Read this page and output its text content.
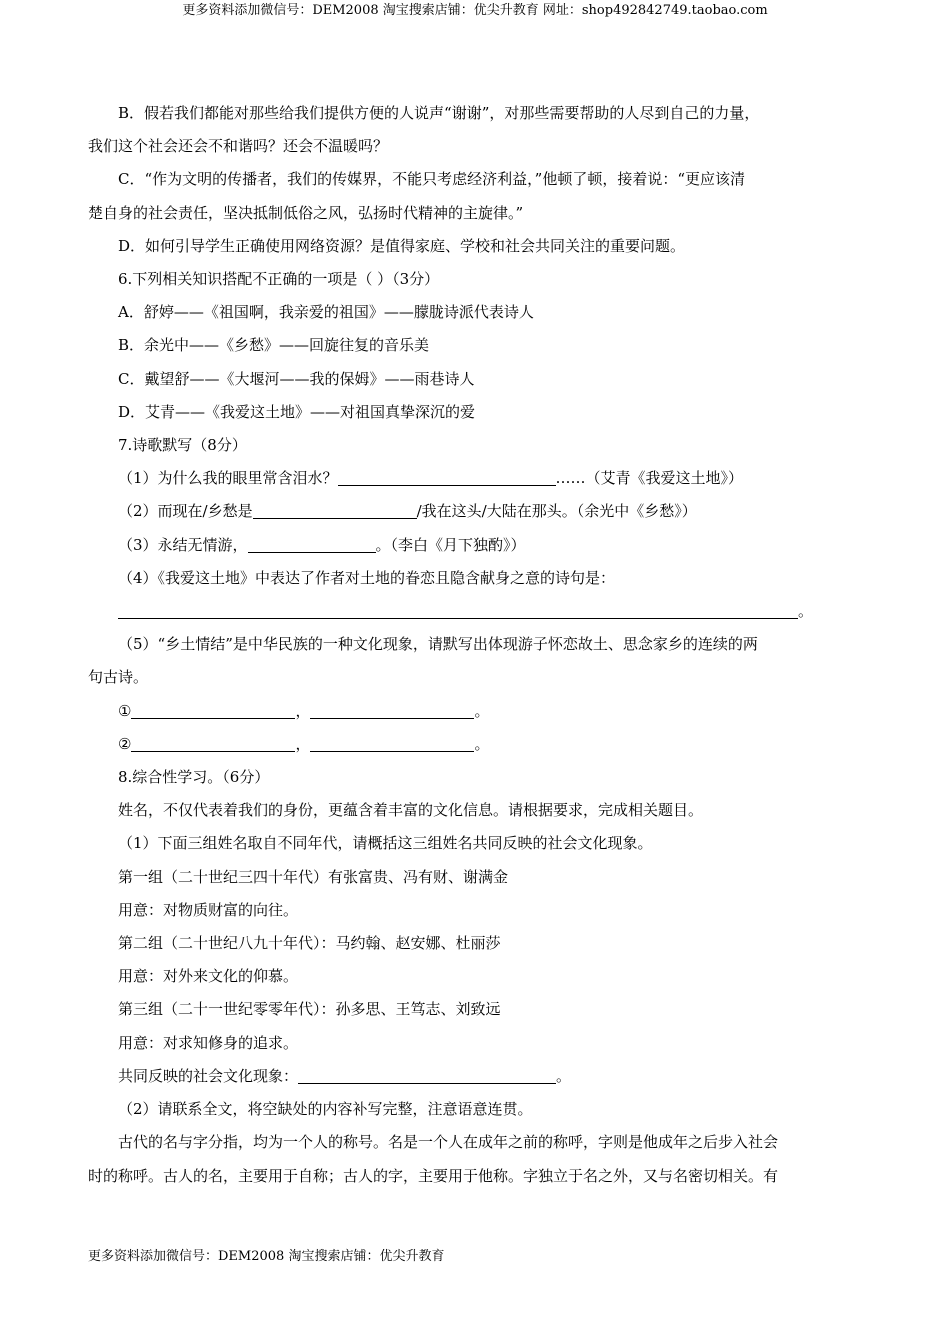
更多资料添加微信号：DEM2008 淘宝搜索店铺：优尖升教育 网址：shop492842749.taobao.com

B．假若我们都能对那些给我们提供方便的人说声“谢谢”，对那些需要帮助的人尽到自己的力量，

我们这个社会还会不和谐吗？还会不温暖吗？

C．“作为文明的传播者，我们的传媒界，不能只考虑经济利益，”他顿了顿，接着说：“更应该清

楚自身的社会责任，坚决抵制低俗之风，弘扬时代精神的主旋律。”

D．如何引导学生正确使用网络资源？是值得家庭、学校和社会共同关注的重要问题。

6.下列相关知识搭配不正确的一项是（ ）（3分）

A．舒婷——《祖国啊，我亲爱的祖国》——朦胧诗派代表诗人

B．余光中——《乡愁》——回旋往复的音乐美

C．戴望舒——《大堰河——我的保姆》——雨巷诗人

D．艾青——《我爱这土地》——对祖国真挚深沉的爱

7.诗歌默写（8分）

（1）为什么我的眼里常含泪水？	……（艾青《我爱这土地》）

（2）而现在/乡愁是	/我在这头/大陆在那头。（余光中《乡愁》）

（3）永结无情游，	。（李白《月下独酌》）

（4）《我爱这土地》中表达了作者对土地的眷恋且隐含献身之意的诗句是：

。

（5）“乡土情结”是中华民族的一种文化现象，请默写出体现游子怀恋故土、思念家乡的连续的两

句古诗。

①	，	。

②	，	。

8.综合性学习。（6分）

姓名，不仅代表着我们的身份，更蕴含着丰富的文化信息。请根据要求，完成相关题目。

（1）下面三组姓名取自不同年代，请概括这三组姓名共同反映的社会文化现象。

第一组（二十世纪三四十年代）有张富贵、冯有财、谢满金

用意：对物质财富的向往。

第二组（二十世纪八九十年代）：马约翰、赵安娜、杜丽莎

用意：对外来文化的仰慕。

第三组（二十一世纪零零年代）：孙多思、王笃志、刘致远

用意：对求知修身的追求。

共同反映的社会文化现象：	。

（2）请联系全文，将空缺处的内容补写完整，注意语意连贯。

古代的名与字分指，均为一个人的称号。名是一个人在成年之前的称呼，字则是他成年之后步入社会

时的称呼。古人的名，主要用于自称；古人的字，主要用于他称。字独立于名之外，又与名密切相关。有

更多资料添加微信号：DEM2008 淘宝搜索店铺：优尖升教育
